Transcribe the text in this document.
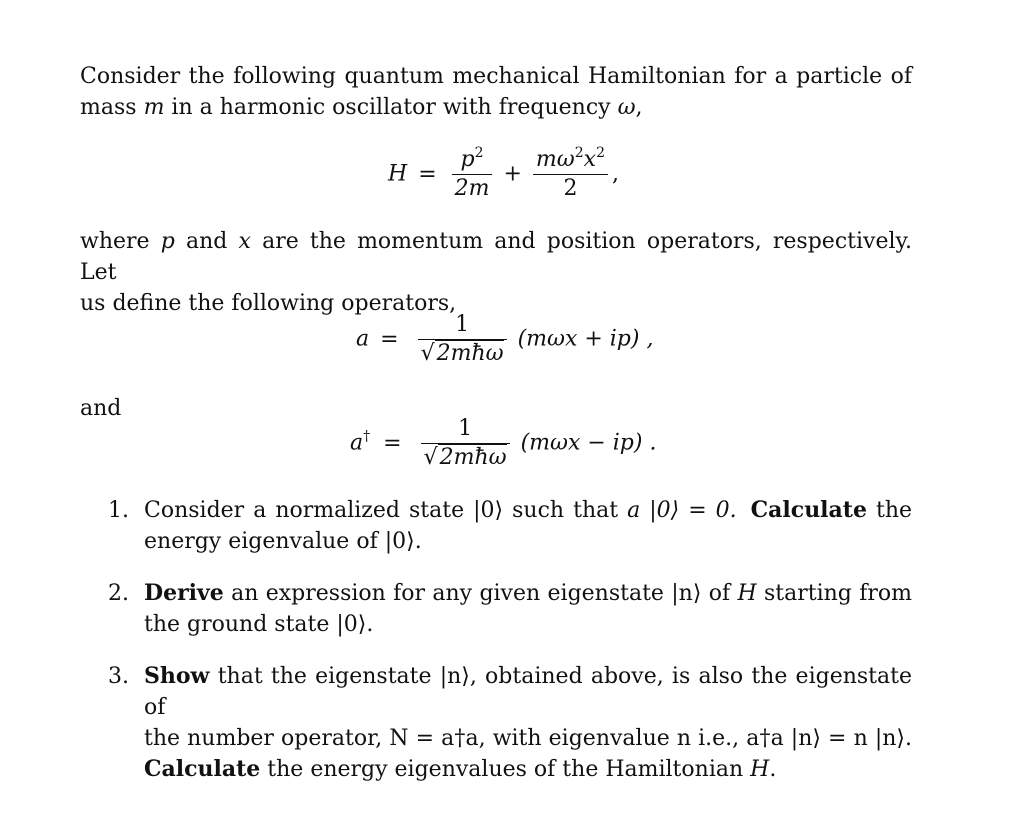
Consider the following quantum mechanical Hamiltonian for a particle of
mass m in a harmonic oscillator with frequency ω,
$H = \frac{p^2}{2m} + \frac{m\omega^2x^2}{2}$ ,
where p and x are the momentum and position operators, respectively. Let
us define the following operators,
$a = \frac{1}{\text{√2mħω}} (m\omega x + ip)$ ,
and
$a^\dagger = \frac{1}{\text{√2mħω}} (m\omega x - ip)$ .
1. Consider a normalized state |0⟩ such that a |0⟩ = 0. Calculate the
energy eigenvalue of |0⟩.
2. Derive an expression for any given eigenstate |n⟩ of H starting from
the ground state |0⟩.
3. Show that the eigenstate |n⟩, obtained above, is also the eigenstate of
the number operator, N = a†a, with eigenvalue n i.e., a†a |n⟩ = n |n⟩.
Calculate the energy eigenvalues of the Hamiltonian H.
